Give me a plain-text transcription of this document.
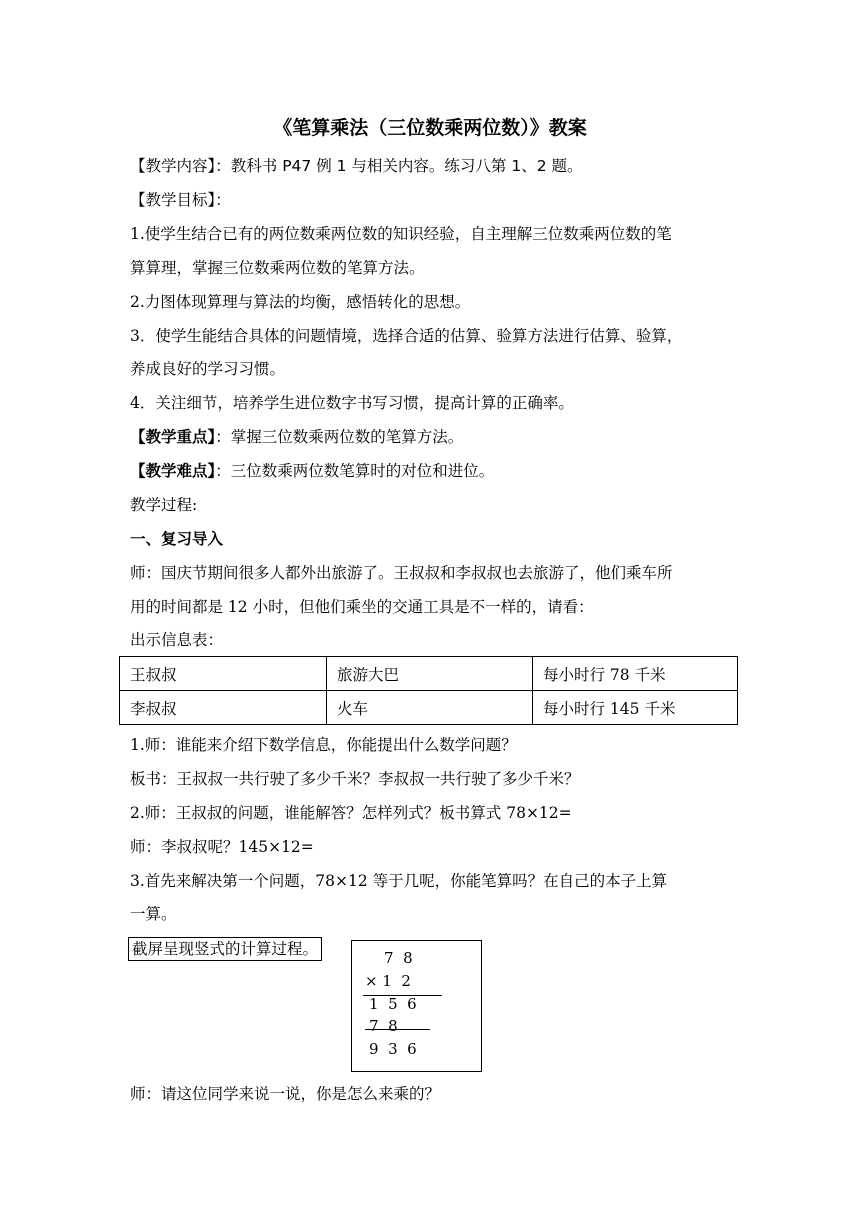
《笔算乘法（三位数乘两位数）》教案
【教学内容】：教科书 P47 例 1 与相关内容。练习八第 1、2 题。
【教学目标】：
1.使学生结合已有的两位数乘两位数的知识经验，自主理解三位数乘两位数的笔
算算理，掌握三位数乘两位数的笔算方法。
2.力图体现算理与算法的均衡，感悟转化的思想。
3．使学生能结合具体的问题情境，选择合适的估算、验算方法进行估算、验算，
养成良好的学习习惯。
4．关注细节，培养学生进位数字书写习惯，提高计算的正确率。
【教学重点】：掌握三位数乘两位数的笔算方法。
【教学难点】：三位数乘两位数笔算时的对位和进位。
教学过程:
一、复习导入
师：国庆节期间很多人都外出旅游了。王叔叔和李叔叔也去旅游了，他们乘车所
用的时间都是 12 小时，但他们乘坐的交通工具是不一样的，请看：
出示信息表：
王叔叔	旅游大巴	每小时行 78 千米
李叔叔	火车	每小时行 145 千米
1.师：谁能来介绍下数学信息，你能提出什么数学问题？
板书：王叔叔一共行驶了多少千米？李叔叔一共行驶了多少千米？
2.师：王叔叔的问题，谁能解答？怎样列式？板书算式 78×12=
师：李叔叔呢？145×12=
3.首先来解决第一个问题，78×12 等于几呢，你能笔算吗？在自己的本子上算
一算。
截屏呈现竖式的计算过程。	7  8
× 1  2
1  5  6
7  8
9  3  6
师：请这位同学来说一说，你是怎么来乘的？
